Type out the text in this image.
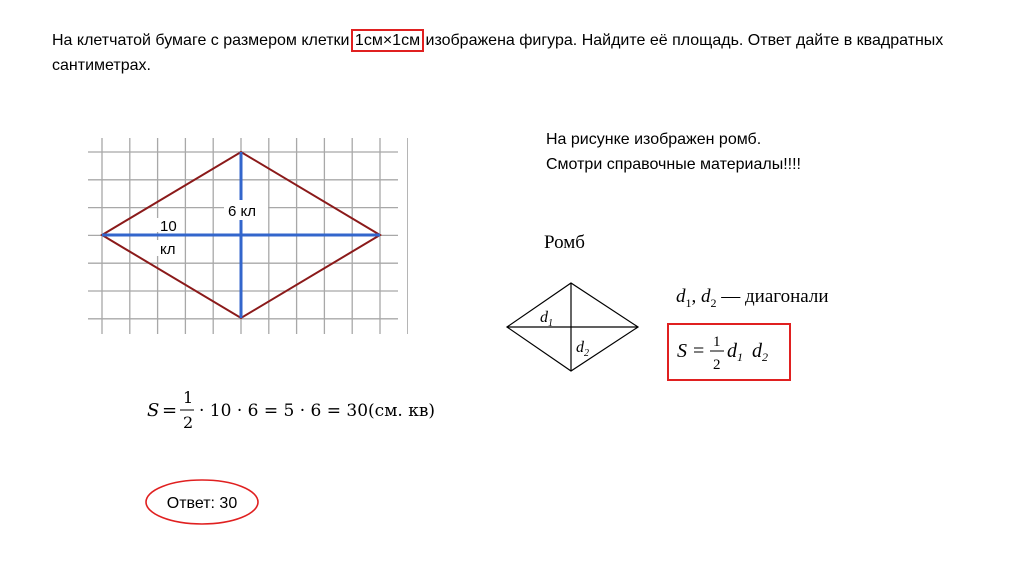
На клетчатой бумаге с размером клетки 1см×1см изображена фигура. Найдите её площадь. Ответ дайте в квадратных сантиметрах.
На рисунке изображен ромб.
Смотри справочные материалы!!!!
6 кл
10
кл
S =
1
2
· 10 · 6 = 5 · 6 = 30(см. кв)
Ответ: 30
Ромб
$d_1$
$d_2$
$d_1$, $d_2$ — диагонали
S = 1
2
$d_1$ $d_2$
